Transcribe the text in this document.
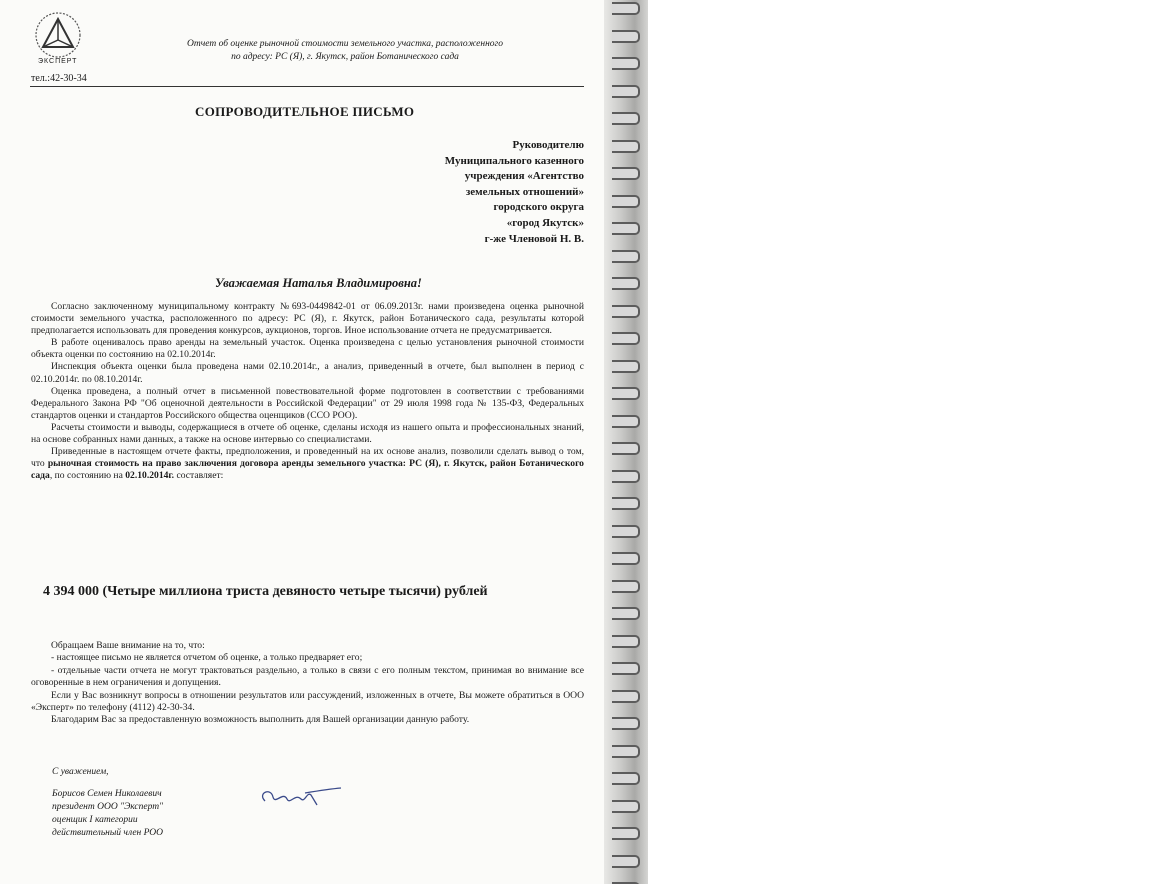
ЭКСПЕРТ
тел.:42-30-34
Отчет об оценке рыночной стоимости земельного участка, расположенного
по адресу: РС (Я), г. Якутск, район Ботанического сада
СОПРОВОДИТЕЛЬНОЕ ПИСЬМО
Руководителю
Муниципального казенного
учреждения «Агентство
земельных отношений»
городского округа
«город Якутск»
г-же Членовой Н. В.
Уважаемая Наталья Владимировна!

Согласно заключенному муниципальному контракту №693-0449842-01 от 06.09.2013г. нами произведена оценка рыночной стоимости земельного участка, расположенного по адресу: РС (Я), г. Якутск, район Ботанического сада, результаты которой предполагается использовать для проведения конкурсов, аукционов, торгов. Иное использование отчета не предусматривается.

В работе оценивалось право аренды на земельный участок. Оценка произведена с целью установления рыночной стоимости объекта оценки по состоянию на 02.10.2014г.

Инспекция объекта оценки была проведена нами 02.10.2014г., а анализ, приведенный в отчете, был выполнен в период с 02.10.2014г. по 08.10.2014г.

Оценка проведена, а полный отчет в письменной повествовательной форме подготовлен в соответствии с требованиями Федерального Закона РФ "Об оценочной деятельности в Российской Федерации" от 29 июля 1998 года № 135-ФЗ, Федеральных стандартов оценки и стандартов Российского общества оценщиков (ССО РОО).

Расчеты стоимости и выводы, содержащиеся в отчете об оценке, сделаны исходя из нашего опыта и профессиональных знаний, на основе собранных нами данных, а также на основе интервью со специалистами.

Приведенные в настоящем отчете факты, предположения, и проведенный на их основе анализ, позволили сделать вывод о том, что рыночная стоимость на право заключения договора аренды земельного участка: РС (Я), г. Якутск, район Ботанического сада, по состоянию на 02.10.2014г. составляет:

4 394 000 (Четыре миллиона триста девяносто четыре тысячи) рублей

Обращаем Ваше внимание на то, что:

- настоящее письмо не является отчетом об оценке, а только предваряет его;

- отдельные части отчета не могут трактоваться раздельно, а только в связи с его полным текстом, принимая во внимание все оговоренные в нем ограничения и допущения.

Если у Вас возникнут вопросы в отношении результатов или рассуждений, изложенных в отчете, Вы можете обратиться в ООО «Эксперт» по телефону (4112) 42-30-34.

Благодарим Вас за предоставленную возможность выполнить для Вашей организации данную работу.

С уважением,
Борисов Семен Николаевич
президент ООО "Эксперт"
оценщик I категории
действительный член РОО
